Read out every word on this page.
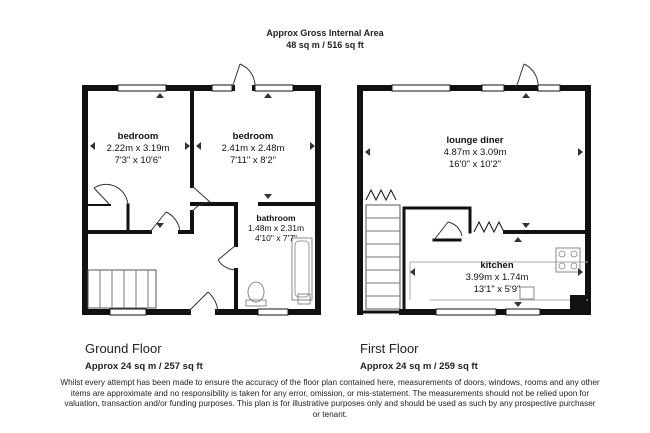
Approx Gross Internal Area
48 sq m / 516 sq ft
bedroom
2.22m x 3.19m
7'3" x 10'6"
bedroom
2.41m x 2.48m
7'11" x 8'2"
bathroom
1.48m x 2.31m
4'10" x 7'7"
lounge diner
4.87m x 3.09m
16'0" x 10'2"
kitchen
3.99m x 1.74m
13'1" x 5'9"
Ground Floor
Approx 24 sq m / 257 sq ft
First Floor
Approx 24 sq m / 259 sq ft
Whilst every attempt has been made to ensure the accuracy of the floor plan contained here, measurements of doors, windows, rooms and any other items are approximate and no responsibility is taken for any error, omission, or mis-statement. The measurements should not be relied upon for valuation, transaction and/or funding purposes. This plan is for illustrative purposes only and should be used as such by any prospective purchaser or tenant.
